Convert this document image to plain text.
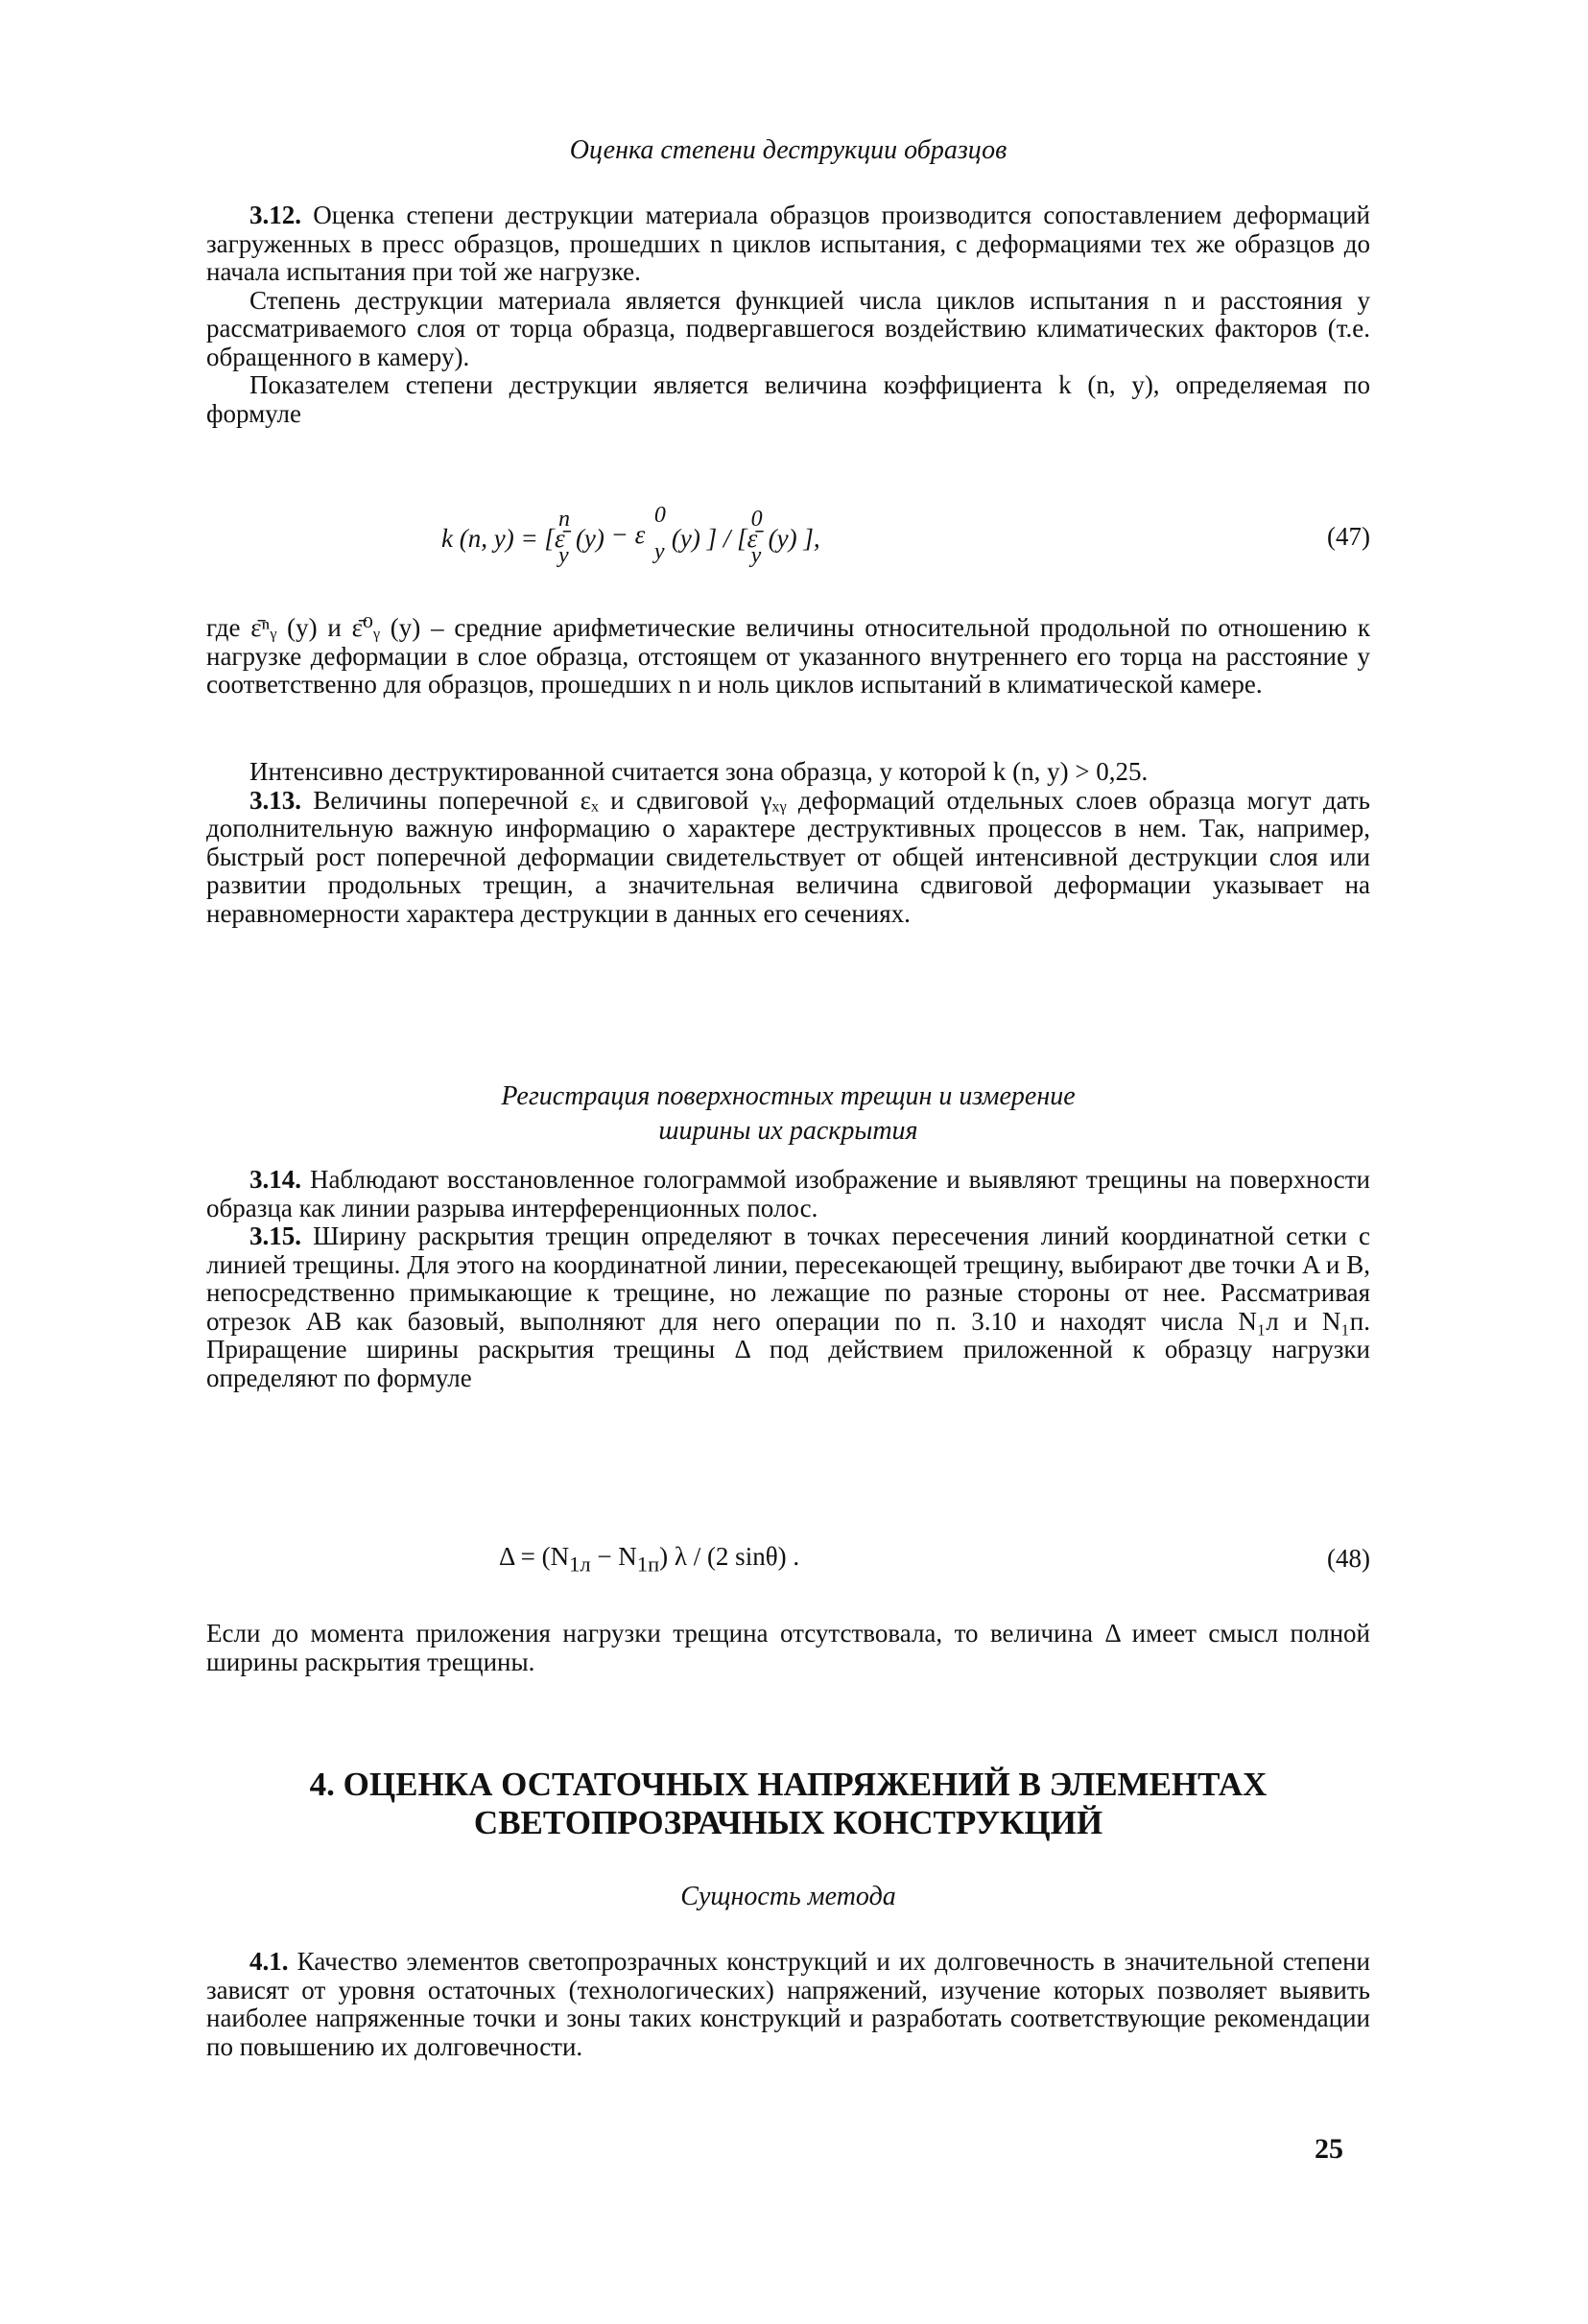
Оценка степени деструкции образцов

3.12. Оценка степени деструкции материала образцов производится сопоставлением деформаций загруженных в пресс образцов, прошедших n циклов испытания, с деформациями тех же образцов до начала испытания при той же нагрузке.

Степень деструкции материала является функцией числа циклов испытания n и расстояния y рассматриваемого слоя от торца образца, подвергавшегося воздействию климатических факторов (т.е. обращенного в камеру).

Показателем степени деструкции является величина коэффициента k (n, y), определяемая по формуле

k (n, y) = [ε̄
n
y
(y) − ε
0
y (y) ] / [ε̄
0
y
(y) ],	(47)

где ε̄ⁿᵧ (y) и ε̄⁰ᵧ (y) – средние арифметические величины относительной продольной по отношению к нагрузке деформации в слое образца, отстоящем от указанного внутреннего его торца на расстояние y соответственно для образцов, прошедших n и ноль циклов испытаний в климатической камере.

Интенсивно деструктированной считается зона образца, у которой k (n, y) > 0,25.

3.13. Величины поперечной εₓ и сдвиговой γₓᵧ деформаций отдельных слоев образца могут дать дополнительную важную информацию о характере деструктивных процессов в нем. Так, например, быстрый рост поперечной деформации свидетельствует от общей интенсивной деструкции слоя или развитии продольных трещин, а значительная величина сдвиговой деформации указывает на неравномерности характера деструкции в данных его сечениях.

Регистрация поверхностных трещин и измерение
ширины их раскрытия

3.14. Наблюдают восстановленное голограммой изображение и выявляют трещины на поверхности образца как линии разрыва интерференционных полос.

3.15. Ширину раскрытия трещин определяют в точках пересечения линий координатной сетки с линией трещины. Для этого на координатной линии, пересекающей трещину, выбирают две точки A и B, непосредственно примыкающие к трещине, но лежащие по разные стороны от нее. Рассматривая отрезок AB как базовый, выполняют для него операции по п. 3.10 и находят числа N₁л и N₁п. Приращение ширины раскрытия трещины Δ под действием приложенной к образцу нагрузки определяют по формуле

$\Delta = (N_{1л} - N_{1п})$ λ / (2 sinθ) .	(48)

Если до момента приложения нагрузки трещина отсутствовала, то величина Δ имеет смысл полной ширины раскрытия трещины.

4. ОЦЕНКА ОСТАТОЧНЫХ НАПРЯЖЕНИЙ В ЭЛЕМЕНТАХ
СВЕТОПРОЗРАЧНЫХ КОНСТРУКЦИЙ
Сущность метода

4.1. Качество элементов светопрозрачных конструкций и их долговечность в значительной степени зависят от уровня остаточных (технологических) напряжений, изучение которых позволяет выявить наиболее напряженные точки и зоны таких конструкций и разработать соответствующие рекомендации по повышению их долговечности.

25
